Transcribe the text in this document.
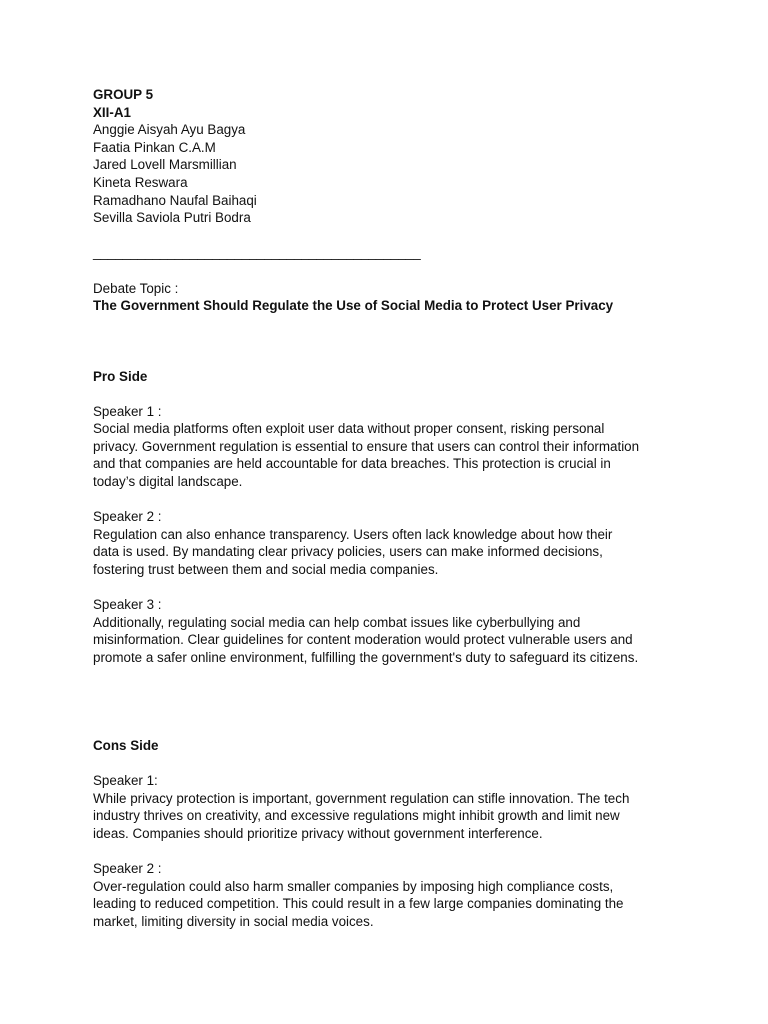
GROUP 5
XII-A1
Anggie Aisyah Ayu Bagya
Faatia Pinkan C.A.M
Jared Lovell Marsmillian
Kineta Reswara
Ramadhano Naufal Baihaqi
Sevilla Saviola Putri Bodra
____________________________________________
Debate Topic :
The Government Should Regulate the Use of Social Media to Protect User Privacy
Pro Side
Speaker 1 :
Social media platforms often exploit user data without proper consent, risking personal
privacy. Government regulation is essential to ensure that users can control their information
and that companies are held accountable for data breaches. This protection is crucial in
today’s digital landscape.
Speaker 2 :
Regulation can also enhance transparency. Users often lack knowledge about how their
data is used. By mandating clear privacy policies, users can make informed decisions,
fostering trust between them and social media companies.
Speaker 3 :
Additionally, regulating social media can help combat issues like cyberbullying and
misinformation. Clear guidelines for content moderation would protect vulnerable users and
promote a safer online environment, fulfilling the government's duty to safeguard its citizens.
Cons Side
Speaker 1:
While privacy protection is important, government regulation can stifle innovation. The tech
industry thrives on creativity, and excessive regulations might inhibit growth and limit new
ideas. Companies should prioritize privacy without government interference.
Speaker 2 :
Over-regulation could also harm smaller companies by imposing high compliance costs,
leading to reduced competition. This could result in a few large companies dominating the
market, limiting diversity in social media voices.
